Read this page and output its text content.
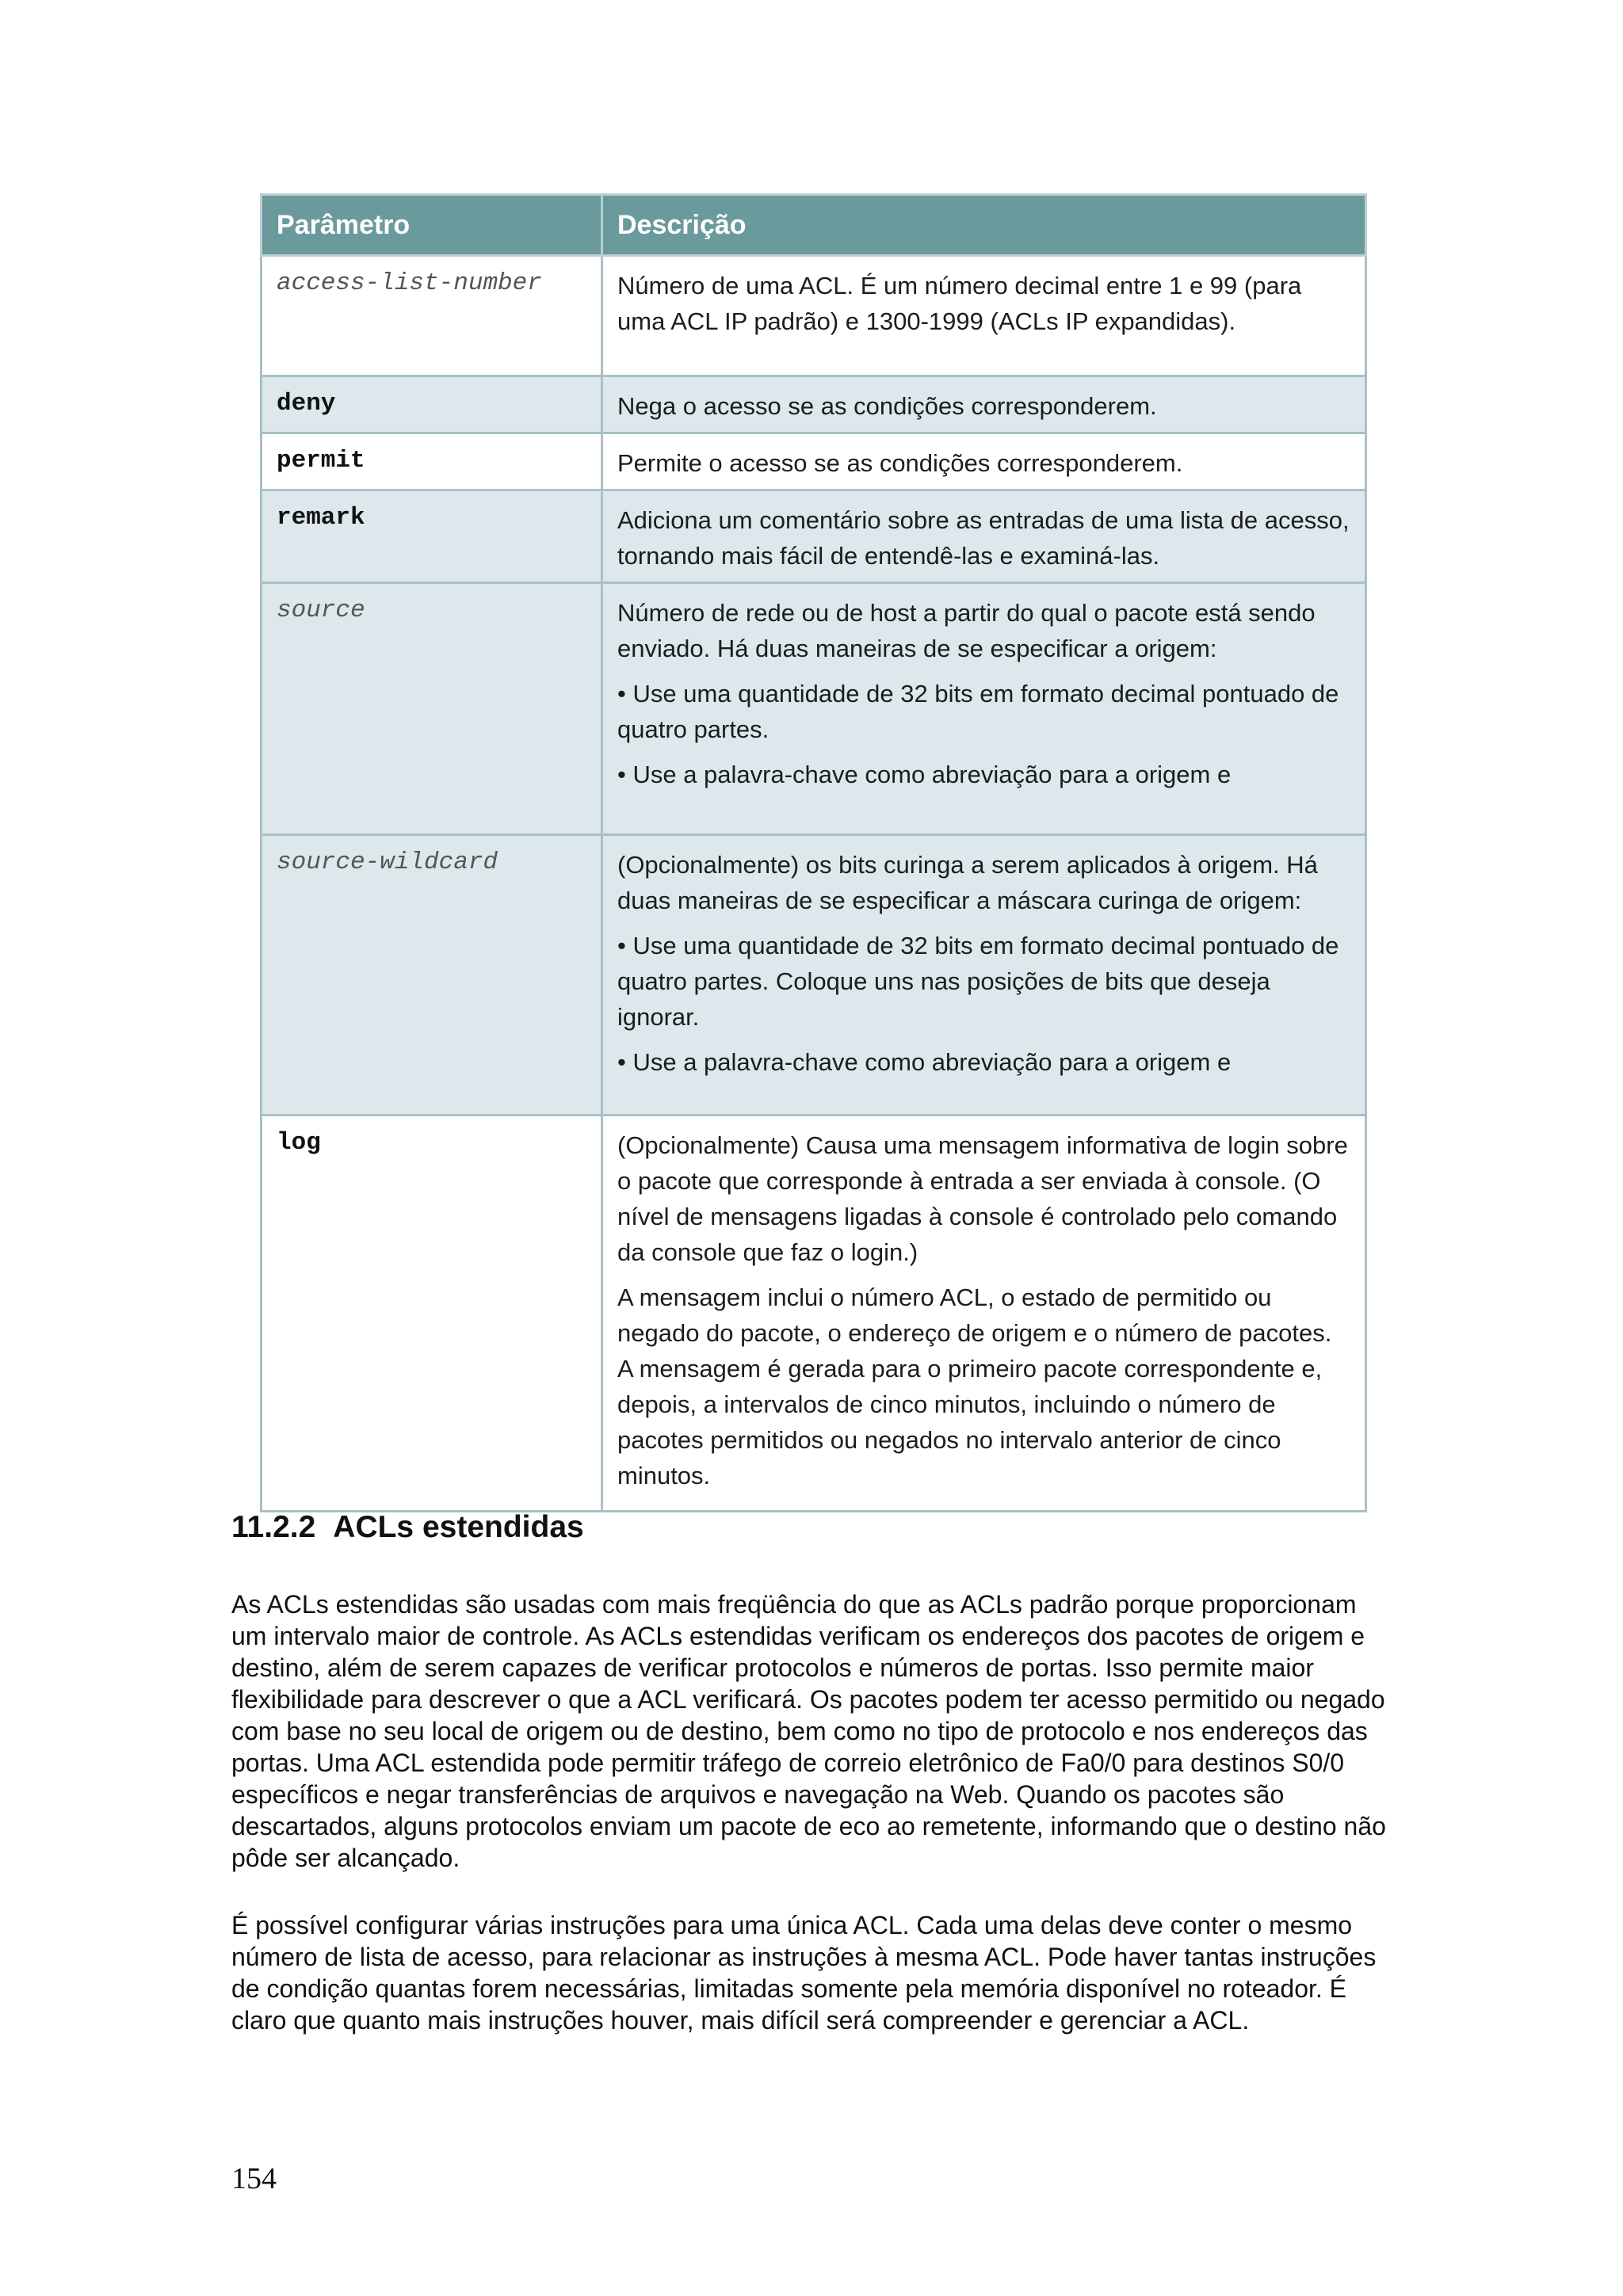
Parâmetro	Descrição
access-list-number	Número de uma ACL. É um número decimal entre 1 e 99 (para uma ACL IP padrão) e 1300-1999 (ACLs IP expandidas).

deny	Nega o acesso se as condições corresponderem.

permit	Permite o acesso se as condições corresponderem.

remark	Adiciona um comentário sobre as entradas de uma lista de acesso, tornando mais fácil de entendê-las e examiná-las.

source	Número de rede ou de host a partir do qual o pacote está sendo enviado. Há duas maneiras de se especificar a origem:

• Use uma quantidade de 32 bits em formato decimal pontuado de quatro partes.

• Use a palavra-chave como abreviação para a origem e

source-wildcard	(Opcionalmente) os bits curinga a serem aplicados à origem. Há duas maneiras de se especificar a máscara curinga de origem:

• Use uma quantidade de 32 bits em formato decimal pontuado de quatro partes. Coloque uns nas posições de bits que deseja ignorar.

• Use a palavra-chave como abreviação para a origem e

log	(Opcionalmente) Causa uma mensagem informativa de login sobre o pacote que corresponde à entrada a ser enviada à console. (O nível de mensagens ligadas à console é controlado pelo comando da console que faz o login.)

A mensagem inclui o número ACL, o estado de permitido ou negado do pacote, o endereço de origem e o número de pacotes. A mensagem é gerada para o primeiro pacote correspondente e, depois, a intervalos de cinco minutos, incluindo o número de pacotes permitidos ou negados no intervalo anterior de cinco minutos.

11.2.2 ACLs estendidas

As ACLs estendidas são usadas com mais freqüência do que as ACLs padrão porque proporcionam um intervalo maior de controle. As ACLs estendidas verificam os endereços dos pacotes de origem e destino, além de serem capazes de verificar protocolos e números de portas. Isso permite maior flexibilidade para descrever o que a ACL verificará. Os pacotes podem ter acesso permitido ou negado com base no seu local de origem ou de destino, bem como no tipo de protocolo e nos endereços das portas. Uma ACL estendida pode permitir tráfego de correio eletrônico de Fa0/0 para destinos S0/0 específicos e negar transferências de arquivos e navegação na Web. Quando os pacotes são descartados, alguns protocolos enviam um pacote de eco ao remetente, informando que o destino não pôde ser alcançado.

É possível configurar várias instruções para uma única ACL. Cada uma delas deve conter o mesmo número de lista de acesso, para relacionar as instruções à mesma ACL. Pode haver tantas instruções de condição quantas forem necessárias, limitadas somente pela memória disponível no roteador. É claro que quanto mais instruções houver, mais difícil será compreender e gerenciar a ACL.

154
